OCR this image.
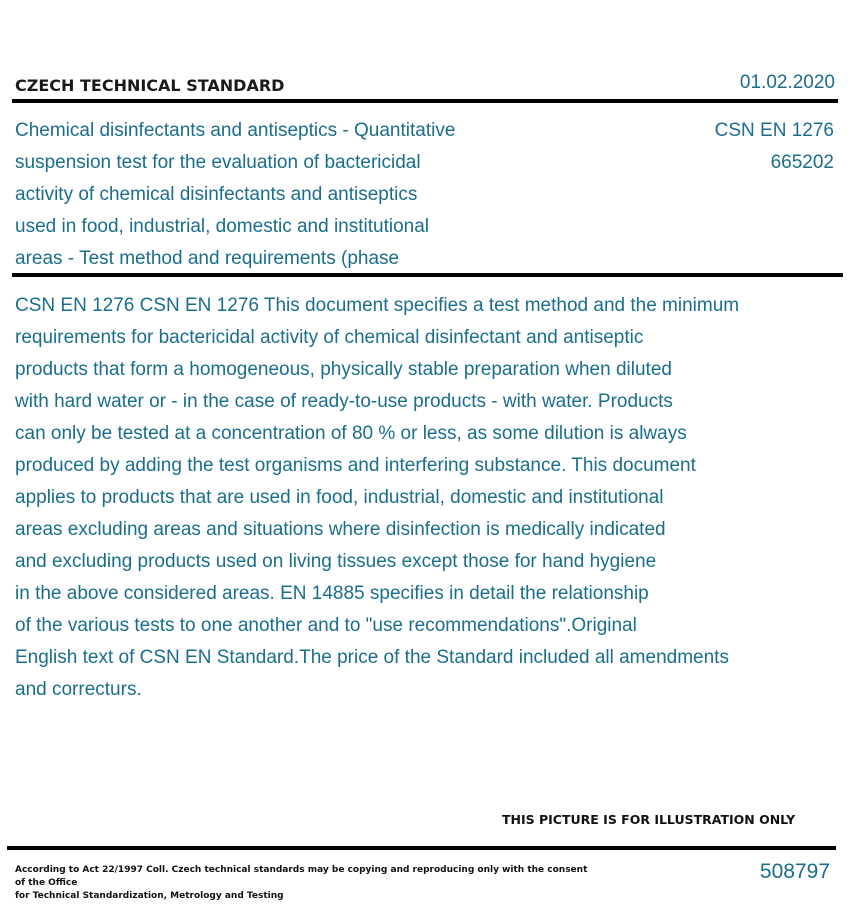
CZECH TECHNICAL STANDARD	01.02.2020
Chemical disinfectants and antiseptics - Quantitative
suspension test for the evaluation of bactericidal
activity of chemical disinfectants and antiseptics
used in food, industrial, domestic and institutional
areas - Test method and requirements (phase
CSN EN 1276
665202
CSN EN 1276 CSN EN 1276 This document specifies a test method and the minimum
requirements for bactericidal activity of chemical disinfectant and antiseptic
products that form a homogeneous, physically stable preparation when diluted
with hard water or - in the case of ready-to-use products - with water. Products
can only be tested at a concentration of 80 % or less, as some dilution is always
produced by adding the test organisms and interfering substance. This document
applies to products that are used in food, industrial, domestic and institutional
areas excluding areas and situations where disinfection is medically indicated
and excluding products used on living tissues except those for hand hygiene
in the above considered areas. EN 14885 specifies in detail the relationship
of the various tests to one another and to "use recommendations".Original
English text of CSN EN Standard.The price of the Standard included all amendments
and correcturs.
THIS PICTURE IS FOR ILLUSTRATION ONLY
According to Act 22/1997 Coll. Czech technical standards may be copying and reproducing only with the consent of the Office
for Technical Standardization, Metrology and Testing
508797
